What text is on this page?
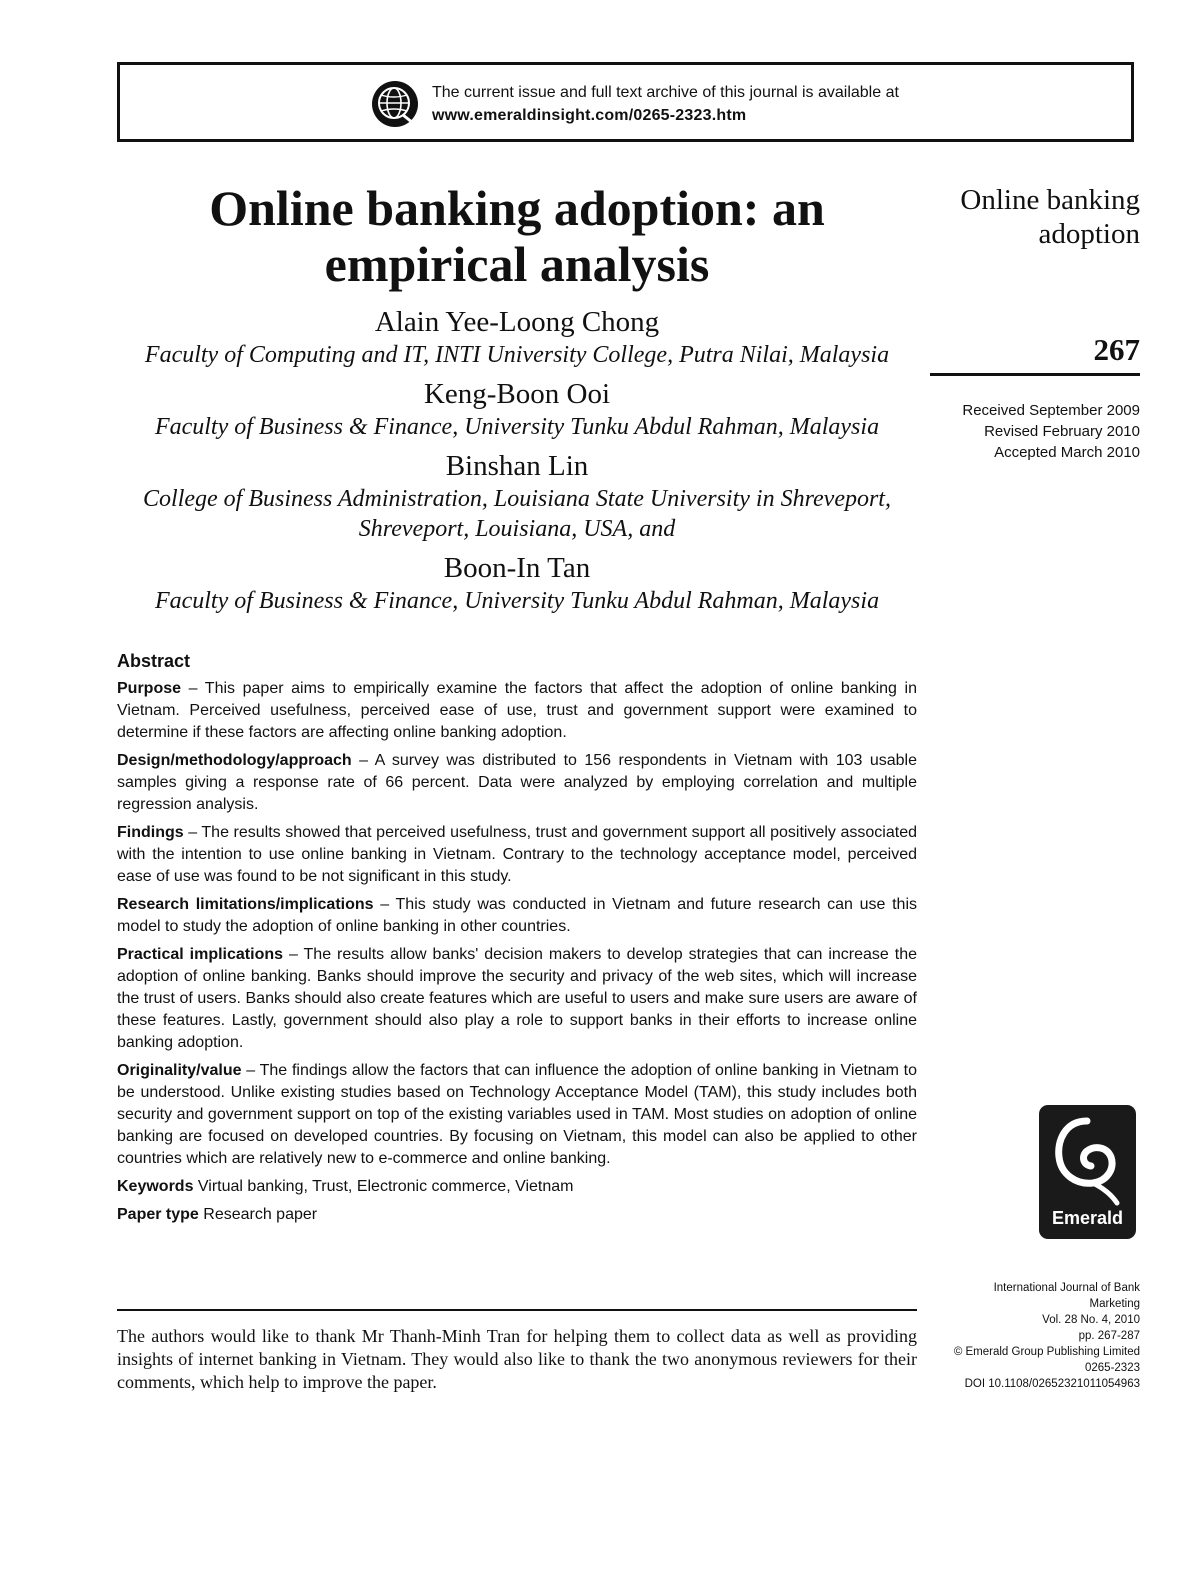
The current issue and full text archive of this journal is available at
www.emeraldinsight.com/0265-2323.htm
Online banking adoption: an empirical analysis
Alain Yee-Loong Chong
Faculty of Computing and IT, INTI University College, Putra Nilai, Malaysia
Keng-Boon Ooi
Faculty of Business & Finance, University Tunku Abdul Rahman, Malaysia
Binshan Lin
College of Business Administration, Louisiana State University in Shreveport, Shreveport, Louisiana, USA, and
Boon-In Tan
Faculty of Business & Finance, University Tunku Abdul Rahman, Malaysia
Online banking adoption
267
Received September 2009
Revised February 2010
Accepted March 2010
Abstract

Purpose – This paper aims to empirically examine the factors that affect the adoption of online banking in Vietnam. Perceived usefulness, perceived ease of use, trust and government support were examined to determine if these factors are affecting online banking adoption.

Design/methodology/approach – A survey was distributed to 156 respondents in Vietnam with 103 usable samples giving a response rate of 66 percent. Data were analyzed by employing correlation and multiple regression analysis.

Findings – The results showed that perceived usefulness, trust and government support all positively associated with the intention to use online banking in Vietnam. Contrary to the technology acceptance model, perceived ease of use was found to be not significant in this study.

Research limitations/implications – This study was conducted in Vietnam and future research can use this model to study the adoption of online banking in other countries.

Practical implications – The results allow banks' decision makers to develop strategies that can increase the adoption of online banking. Banks should improve the security and privacy of the web sites, which will increase the trust of users. Banks should also create features which are useful to users and make sure users are aware of these features. Lastly, government should also play a role to support banks in their efforts to increase online banking adoption.

Originality/value – The findings allow the factors that can influence the adoption of online banking in Vietnam to be understood. Unlike existing studies based on Technology Acceptance Model (TAM), this study includes both security and government support on top of the existing variables used in TAM. Most studies on adoption of online banking are focused on developed countries. By focusing on Vietnam, this model can also be applied to other countries which are relatively new to e-commerce and online banking.

Keywords Virtual banking, Trust, Electronic commerce, Vietnam

Paper type Research paper	Emerald
International Journal of Bank
Marketing
Vol. 28 No. 4, 2010
pp. 267-287
© Emerald Group Publishing Limited
0265-2323
DOI 10.1108/02652321011054963
The authors would like to thank Mr Thanh-Minh Tran for helping them to collect data as well as providing insights of internet banking in Vietnam. They would also like to thank the two anonymous reviewers for their comments, which help to improve the paper.
